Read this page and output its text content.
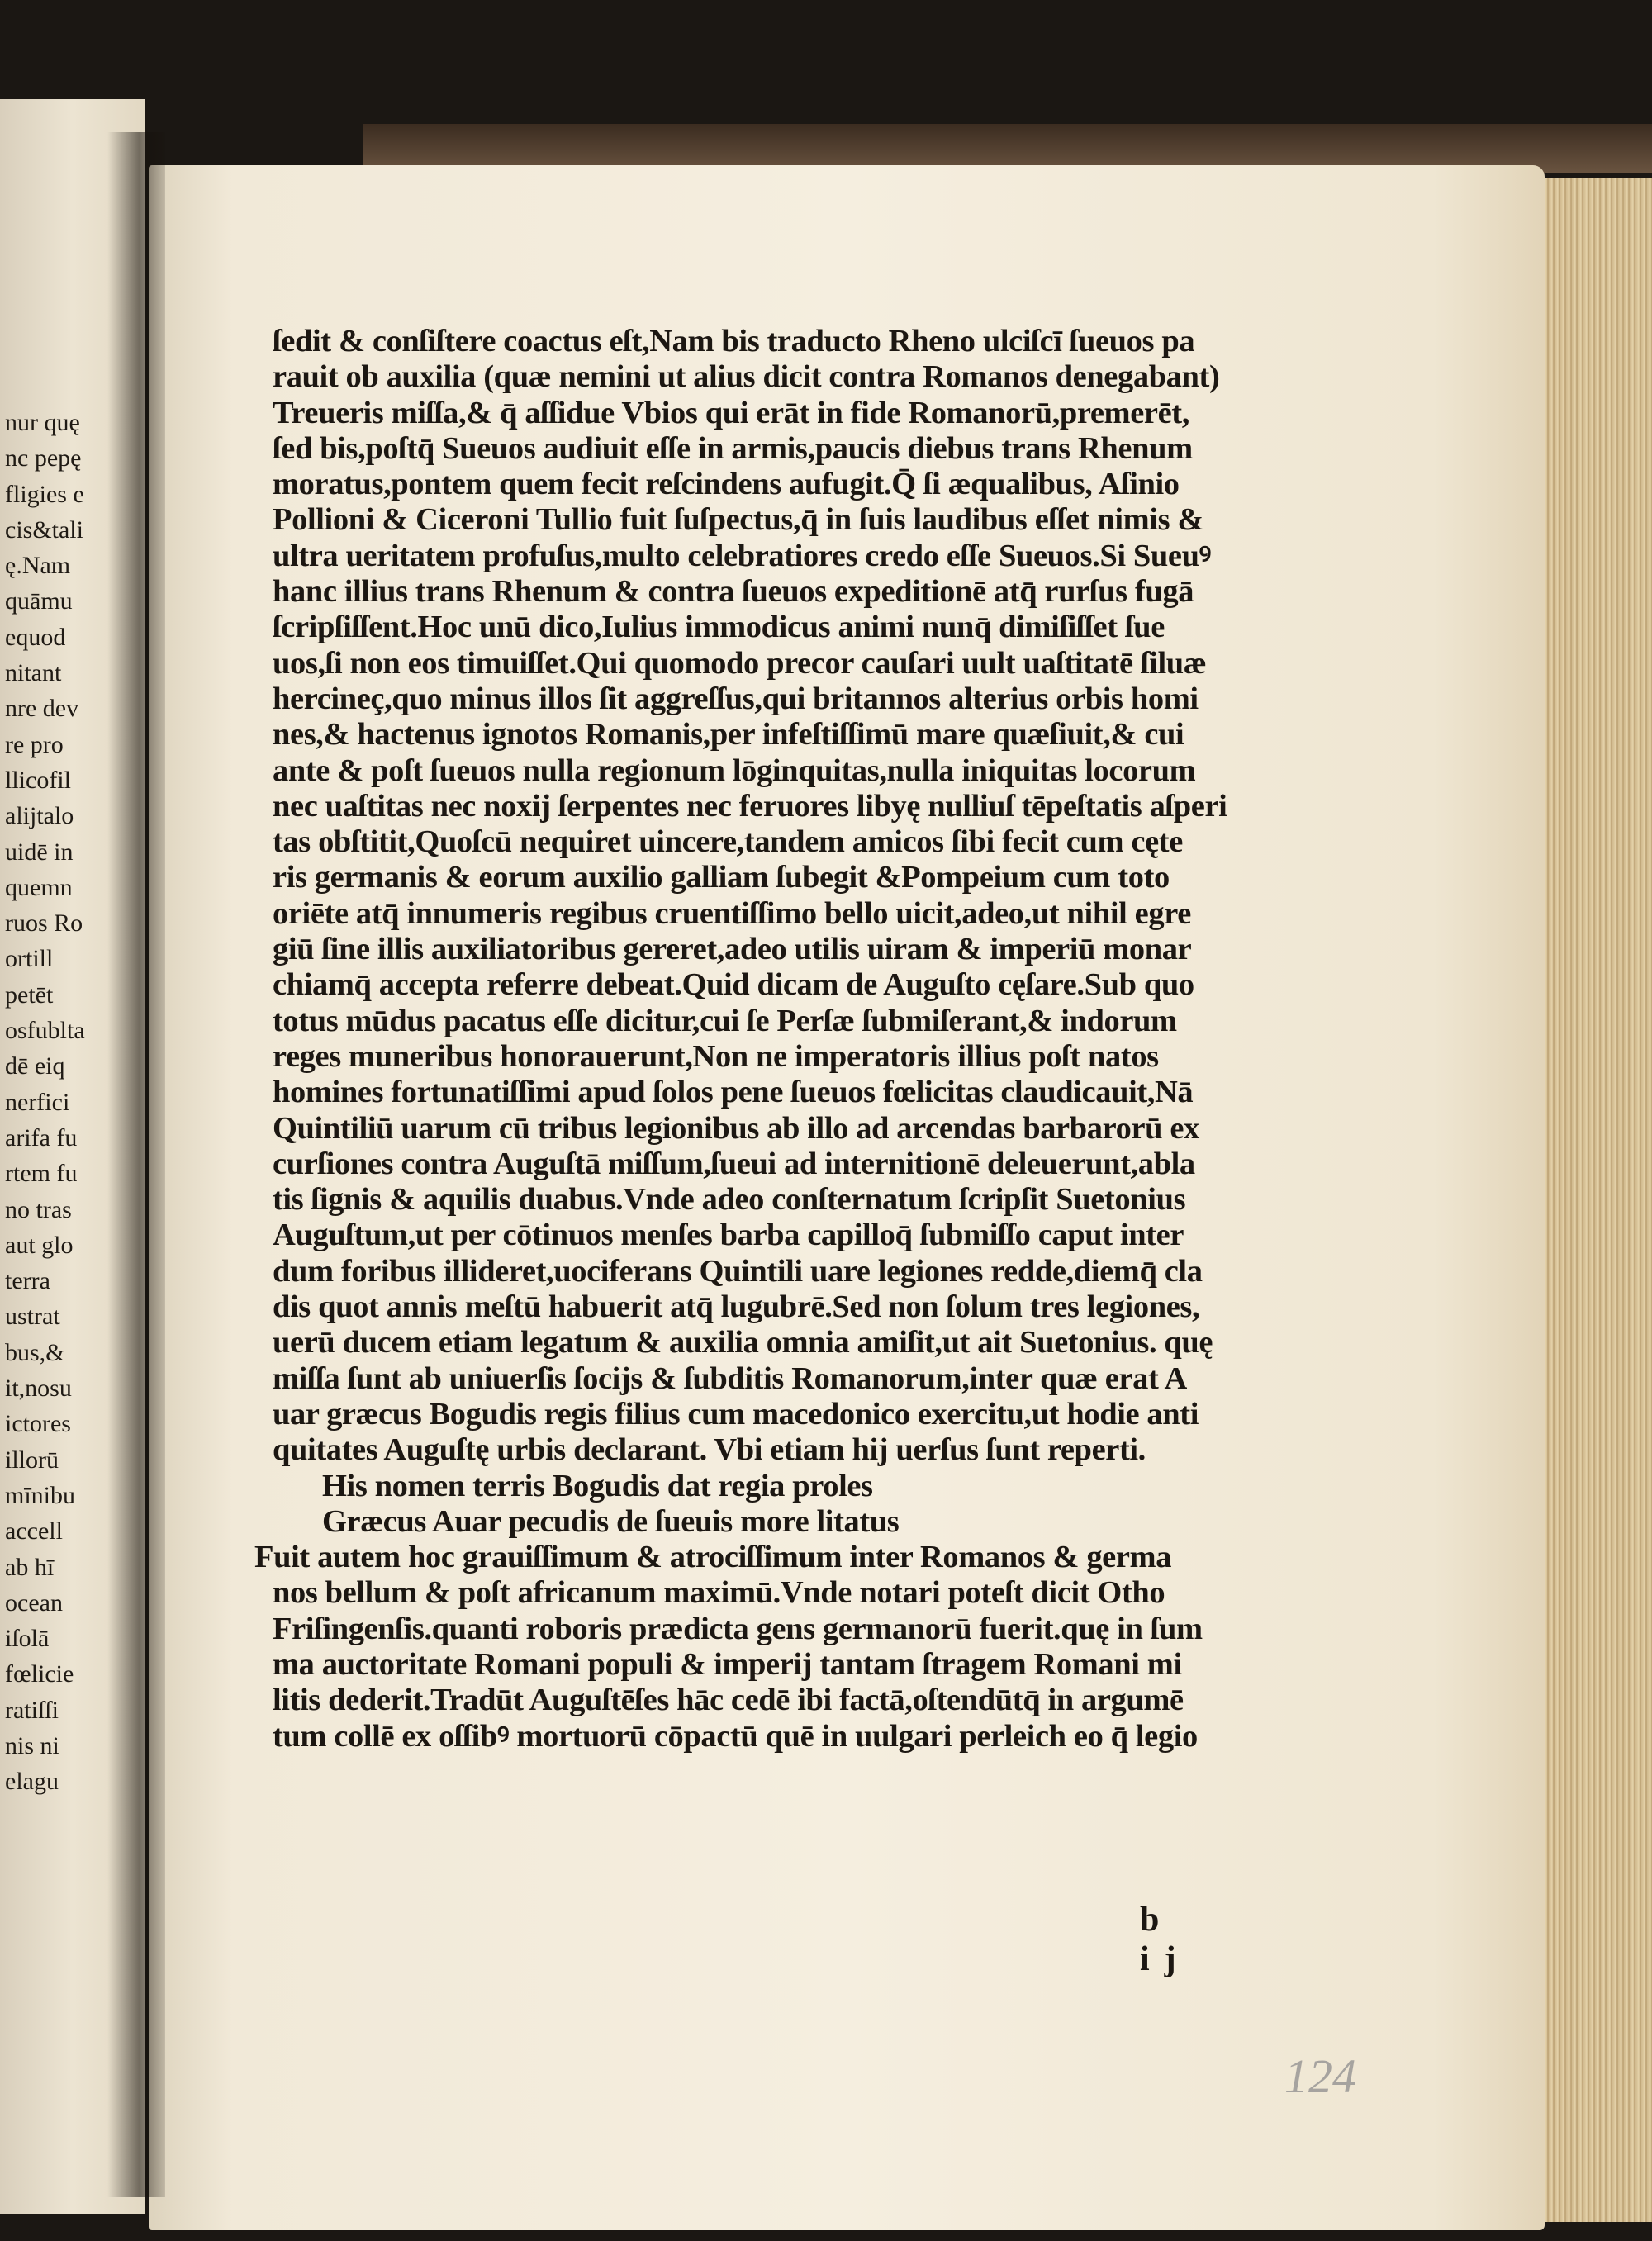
nur quę
nc pepę
fligies e
cis&tali
ę.Nam
quāmu
equod
nitant
nre dev
re pro
llicofil
alijtalo
uidē in
quemn
ruos Ro
ortill
petēt
osfublta
dē eiq
nerfici
arifa fu
rtem fu
no tras
aut glo
terra
ustrat
bus,&
it,nosu
ictores
illorū
mīnibu
accell
ab hī
ocean
iſolā
fœlicie
ratiſſi
nis ni
elagu
ſedit & conſiſtere coactus eſt,Nam bis traducto Rheno ulciſcī ſueuos pa
rauit ob auxilia (quæ nemini ut alius dicit contra Romanos denegabant)
Treueris miſſa,& q̄ aſſidue Vbios qui erāt in fide Romanorū,premerēt,
ſed bis,poſtq̄ Sueuos audiuit eſſe in armis,paucis diebus trans Rhenum
moratus,pontem quem fecit reſcindens aufugit.Q̄ ſi æqualibus, Aſinio
Pollioni & Ciceroni Tullio fuit ſuſpectus,q̄ in ſuis laudibus eſſet nimis &
ultra ueritatem profuſus,multo celebratiores credo eſſe Sueuos.Si Sueuꝰ
hanc illius trans Rhenum & contra ſueuos expeditionē atq̄ rurſus fugā
ſcripſiſſent.Hoc unū dico,Iulius immodicus animi nunq̄ dimiſiſſet ſue
uos,ſi non eos timuiſſet.Qui quomodo precor cauſari uult uaſtitatē ſiluæ
hercineç,quo minus illos ſit aggreſſus,qui britannos alterius orbis homi
nes,& hactenus ignotos Romanis,per infeſtiſſimū mare quæſiuit,& cui
ante & poſt ſueuos nulla regionum lōginquitas,nulla iniquitas locorum
nec uaſtitas nec noxij ſerpentes nec feruores libyę nulliuſ tēpeſtatis aſperi
tas obſtitit,Quoſcū nequiret uincere,tandem amicos ſibi fecit cum cęte
ris germanis & eorum auxilio galliam ſubegit &Pompeium cum toto
oriēte atq̄ innumeris regibus cruentiſſimo bello uicit,adeo,ut nihil egre
giū ſine illis auxiliatoribus gereret,adeo utilis uiram & imperiū monar
chiamq̄ accepta referre debeat.Quid dicam de Auguſto cęſare.Sub quo
totus mūdus pacatus eſſe dicitur,cui ſe Perſæ ſubmiſerant,& indorum
reges muneribus honorauerunt,Non ne imperatoris illius poſt natos
homines fortunatiſſimi apud ſolos pene ſueuos fœlicitas claudicauit,Nā
Quintiliū uarum cū tribus legionibus ab illo ad arcendas barbarorū ex
curſiones contra Auguſtā miſſum,ſueui ad internitionē deleuerunt,abla
tis ſignis & aquilis duabus.Vnde adeo conſternatum ſcripſit Suetonius
Auguſtum,ut per cōtinuos menſes barba capilloq̄ ſubmiſſo caput inter
dum foribus illideret,uociferans Quintili uare legiones redde,diemq̄ cla
dis quot annis meſtū habuerit atq̄ lugubrē.Sed non ſolum tres legiones,
uerū ducem etiam legatum & auxilia omnia amiſit,ut ait Suetonius. quę
miſſa ſunt ab uniuerſis ſocijs & ſubditis Romanorum,inter quæ erat A
uar græcus Bogudis regis filius cum macedonico exercitu,ut hodie anti
quitates Auguſtę urbis declarant. Vbi etiam hij uerſus ſunt reperti.
His nomen terris Bogudis dat regia proles
Græcus Auar pecudis de ſueuis more litatus
Fuit autem hoc grauiſſimum & atrociſſimum inter Romanos & germa
nos bellum & poſt africanum maximū.Vnde notari poteſt dicit Otho
Friſingenſis.quanti roboris prædicta gens germanorū fuerit.quę in ſum
ma auctoritate Romani populi & imperij tantam ſtragem Romani mi
litis dederit.Tradūt Auguſtēſes hāc cedē ibi factā,oſtendūtq̄ in argumē
tum collē ex oſſibꝰ mortuorū cōpactū quē in uulgari perleich eo q̄ legio
b ij
124
